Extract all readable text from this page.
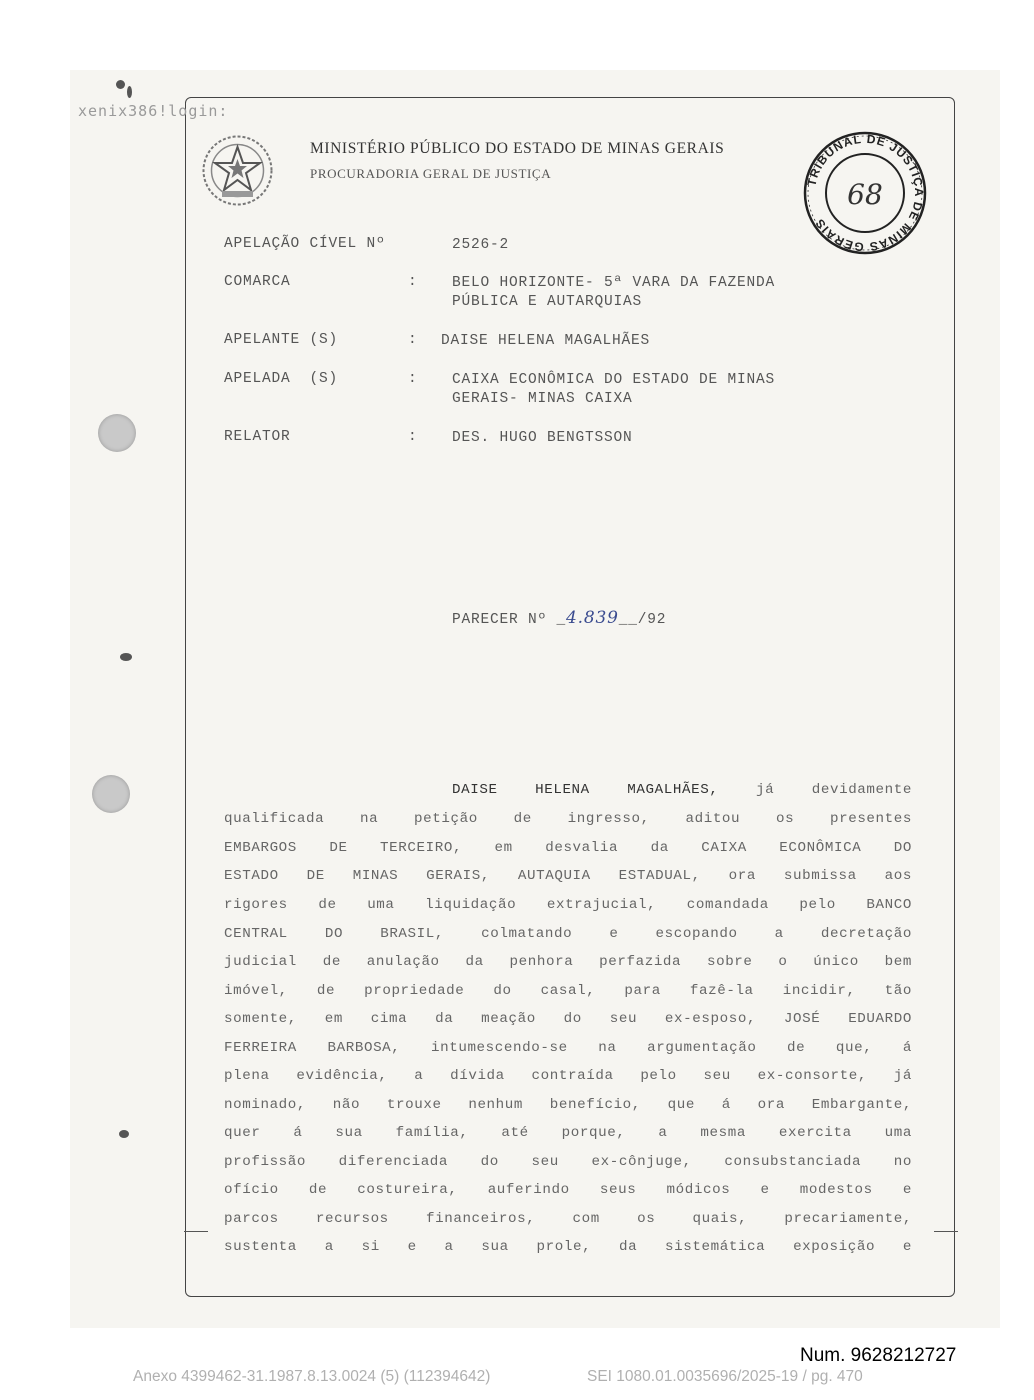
xenix386!login:
MINISTÉRIO PÚBLICO DO ESTADO DE MINAS GERAIS
PROCURADORIA GERAL DE JUSTIÇA
TRIBUNAL DE JUSTIÇA DE MINAS GERAIS
68
APELAÇÃO CÍVEL Nº	2526-2
COMARCA	: BELO HORIZONTE- 5ª VARA DA FAZENDA
PÚBLICA E AUTARQUIAS
APELANTE (S)	: DAISE HELENA MAGALHÃES
APELADA  (S)	: CAIXA ECONÔMICA DO ESTADO DE MINAS
GERAIS- MINAS CAIXA
RELATOR	: DES. HUGO BENGTSSON
PARECER Nº _4.839__/92
DAISE HELENA MAGALHÃES, já devidamente
qualificada na petição de ingresso, aditou os presentes
EMBARGOS DE TERCEIRO, em desvalia da CAIXA ECONÔMICA DO
ESTADO DE MINAS GERAIS, AUTAQUIA ESTADUAL, ora submissa aos
rigores de uma liquidação extrajucial, comandada pelo BANCO
CENTRAL DO BRASIL, colmatando e escopando a decretação
judicial de anulação da penhora perfazida sobre o único bem
imóvel, de propriedade do casal, para fazê-la incidir, tão
somente, em cima da meação do seu ex-esposo, JOSÉ EDUARDO
FERREIRA BARBOSA, intumescendo-se na argumentação de que, á
plena evidência, a dívida contraída pelo seu ex-consorte, já
nominado, não trouxe nenhum benefício, que á ora Embargante,
quer á sua família, até porque, a mesma exercita uma
profissão diferenciada do seu ex-cônjuge, consubstanciada no
ofício de costureira, auferindo seus módicos e modestos e
parcos recursos financeiros, com os quais, precariamente,
sustenta a si e a sua prole, da sistemática exposição e
Num. 9628212727
Anexo 4399462-31.1987.8.13.0024 (5) (112394642)	SEI 1080.01.0035696/2025-19 / pg. 470
